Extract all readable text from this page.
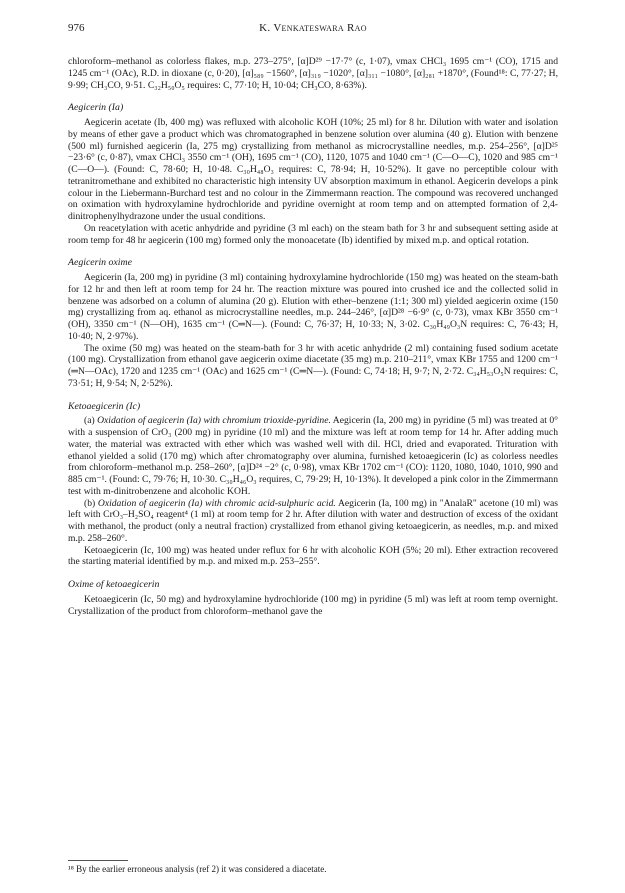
976	K. Venkateswara Rao

chloroform–methanol as colorless flakes, m.p. 273–275°, [α]D²⁹ −17·7° (c, 1·07), νmax CHCl₃ 1695 cm⁻¹ (CO), 1715 and 1245 cm⁻¹ (OAc), R.D. in dioxane (c, 0·20), [α]₅₈₉ −1560°, [α]₃₁₉ −1020°, [α]₃₁₁ −1080°, [α]₂₈₁ +1870°, (Found¹⁸: C, 77·27; H, 9·99; CH₃CO, 9·51. C₃₂H₅₀O₅ requires: C, 77·10; H, 10·04; CH₃CO, 8·63%).

Aegicerin (Ia)

Aegicerin acetate (Ib, 400 mg) was refluxed with alcoholic KOH (10%; 25 ml) for 8 hr. Dilution with water and isolation by means of ether gave a product which was chromatographed in benzene solution over alumina (40 g). Elution with benzene (500 ml) furnished aegicerin (Ia, 275 mg) crystallizing from methanol as microcrystalline needles, m.p. 254–256°, [α]D²⁵ −23·6° (c, 0·87), νmax CHCl₃ 3550 cm⁻¹ (OH), 1695 cm⁻¹ (CO), 1120, 1075 and 1040 cm⁻¹ (C—O—C), 1020 and 985 cm⁻¹ (C—O—). (Found: C, 78·60; H, 10·48. C₃₀H₄₈O₃ requires: C, 78·94; H, 10·52%). It gave no perceptible colour with tetranitromethane and exhibited no characteristic high intensity UV absorption maximum in ethanol. Aegicerin develops a pink colour in the Liebermann-Burchard test and no colour in the Zimmermann reaction. The compound was recovered unchanged on oximation with hydroxylamine hydrochloride and pyridine overnight at room temp and on attempted formation of 2,4-dinitrophenylhydrazone under the usual conditions.

On reacetylation with acetic anhydride and pyridine (3 ml each) on the steam bath for 3 hr and subsequent setting aside at room temp for 48 hr aegicerin (100 mg) formed only the monoacetate (Ib) identified by mixed m.p. and optical rotation.

Aegicerin oxime

Aegicerin (Ia, 200 mg) in pyridine (3 ml) containing hydroxylamine hydrochloride (150 mg) was heated on the steam-bath for 12 hr and then left at room temp for 24 hr. The reaction mixture was poured into crushed ice and the collected solid in benzene was adsorbed on a column of alumina (20 g). Elution with ether–benzene (1:1; 300 ml) yielded aegicerin oxime (150 mg) crystallizing from aq. ethanol as microcrystalline needles, m.p. 244–246°, [α]D²⁸ −6·9° (c, 0·73), νmax KBr 3550 cm⁻¹ (OH), 3350 cm⁻¹ (N—OH), 1635 cm⁻¹ (C═N—). (Found: C, 76·37; H, 10·33; N, 3·02. C₃₀H₄₉O₃N requires: C, 76·43; H, 10·40; N, 2·97%).

The oxime (50 mg) was heated on the steam-bath for 3 hr with acetic anhydride (2 ml) containing fused sodium acetate (100 mg). Crystallization from ethanol gave aegicerin oxime diacetate (35 mg) m.p. 210–211°, νmax KBr 1755 and 1200 cm⁻¹ (═N—OAc), 1720 and 1235 cm⁻¹ (OAc) and 1625 cm⁻¹ (C═N—). (Found: C, 74·18; H, 9·7; N, 2·72. C₃₄H₅₃O₅N requires: C, 73·51; H, 9·54; N, 2·52%).

Ketoaegicerin (Ic)

(a) Oxidation of aegicerin (Ia) with chromium trioxide-pyridine. Aegicerin (Ia, 200 mg) in pyridine (5 ml) was treated at 0° with a suspension of CrO₃ (200 mg) in pyridine (10 ml) and the mixture was left at room temp for 14 hr. After adding much water, the material was extracted with ether which was washed well with dil. HCl, dried and evaporated. Trituration with ethanol yielded a solid (170 mg) which after chromatography over alumina, furnished ketoaegicerin (Ic) as colorless needles from chloroform–methanol m.p. 258–260°, [α]D²⁴ −2° (c, 0·98), νmax KBr 1702 cm⁻¹ (CO): 1120, 1080, 1040, 1010, 990 and 885 cm⁻¹. (Found: C, 79·76; H, 10·30. C₃₀H₄₆O₃ requires, C, 79·29; H, 10·13%). It developed a pink color in the Zimmermann test with m-dinitrobenzene and alcoholic KOH.

(b) Oxidation of aegicerin (Ia) with chromic acid-sulphuric acid. Aegicerin (Ia, 100 mg) in "AnalaR" acetone (10 ml) was left with CrO₃–H₂SO₄ reagent⁴ (1 ml) at room temp for 2 hr. After dilution with water and destruction of excess of the oxidant with methanol, the product (only a neutral fraction) crystallized from ethanol giving ketoaegicerin, as needles, m.p. and mixed m.p. 258–260°.

Ketoaegicerin (Ic, 100 mg) was heated under reflux for 6 hr with alcoholic KOH (5%; 20 ml). Ether extraction recovered the starting material identified by m.p. and mixed m.p. 253–255°.

Oxime of ketoaegicerin

Ketoaegicerin (Ic, 50 mg) and hydroxylamine hydrochloride (100 mg) in pyridine (5 ml) was left at room temp overnight. Crystallization of the product from chloroform–methanol gave the

¹⁸ By the earlier erroneous analysis (ref 2) it was considered a diacetate.
